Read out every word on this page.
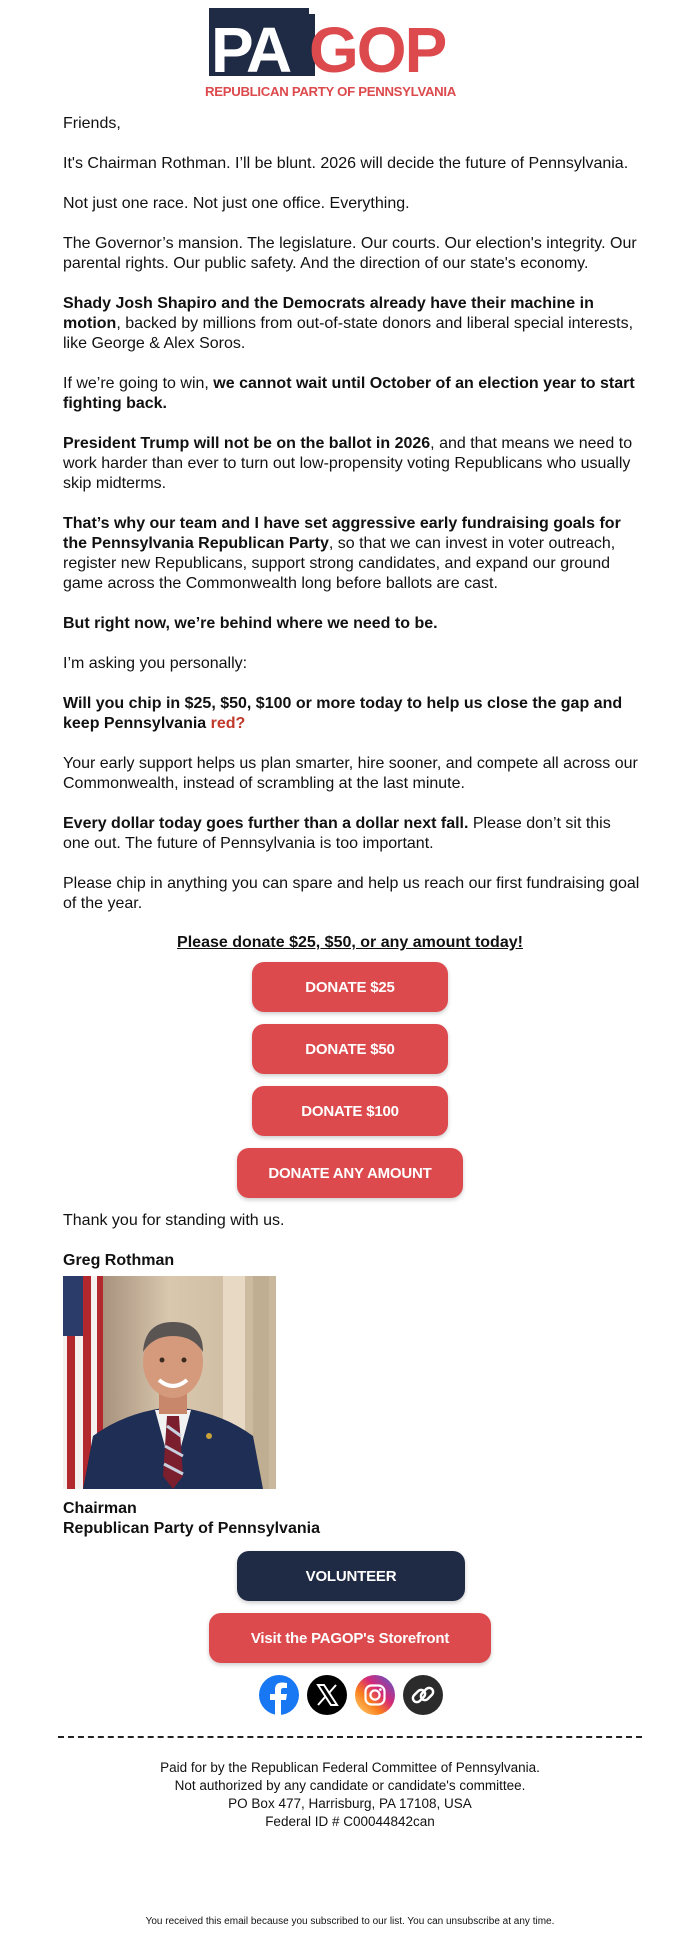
PA GOP
REPUBLICAN PARTY OF PENNSYLVANIA

Friends,

It's Chairman Rothman. I’ll be blunt. 2026 will decide the future of Pennsylvania.

Not just one race. Not just one office. Everything.

The Governor’s mansion. The legislature. Our courts. Our election's integrity. Our parental rights. Our public safety. And the direction of our state's economy.

Shady Josh Shapiro and the Democrats already have their machine in motion, backed by millions from out-of-state donors and liberal special interests, like George & Alex Soros.

If we’re going to win, we cannot wait until October of an election year to start fighting back.

President Trump will not be on the ballot in 2026, and that means we need to work harder than ever to turn out low-propensity voting Republicans who usually skip midterms.

That’s why our team and I have set aggressive early fundraising goals for the Pennsylvania Republican Party, so that we can invest in voter outreach, register new Republicans, support strong candidates, and expand our ground game across the Commonwealth long before ballots are cast.

But right now, we’re behind where we need to be.

I’m asking you personally:

Will you chip in $25, $50, $100 or more today to help us close the gap and keep Pennsylvania red?

Your early support helps us plan smarter, hire sooner, and compete all across our Commonwealth, instead of scrambling at the last minute.

Every dollar today goes further than a dollar next fall. Please don’t sit this one out. The future of Pennsylvania is too important.

Please chip in anything you can spare and help us reach our first fundraising goal of the year.

Please donate $25, $50, or any amount today!
DONATE $25
DONATE $50
DONATE $100
DONATE ANY AMOUNT

Thank you for standing with us.

Greg Rothman
Chairman
Republican Party of Pennsylvania
VOLUNTEER
Visit the PAGOP's Storefront
Paid for by the Republican Federal Committee of Pennsylvania.
Not authorized by any candidate or candidate's committee.
PO Box 477, Harrisburg, PA 17108, USA
Federal ID # C00044842can
You received this email because you subscribed to our list. You can unsubscribe at any time.
